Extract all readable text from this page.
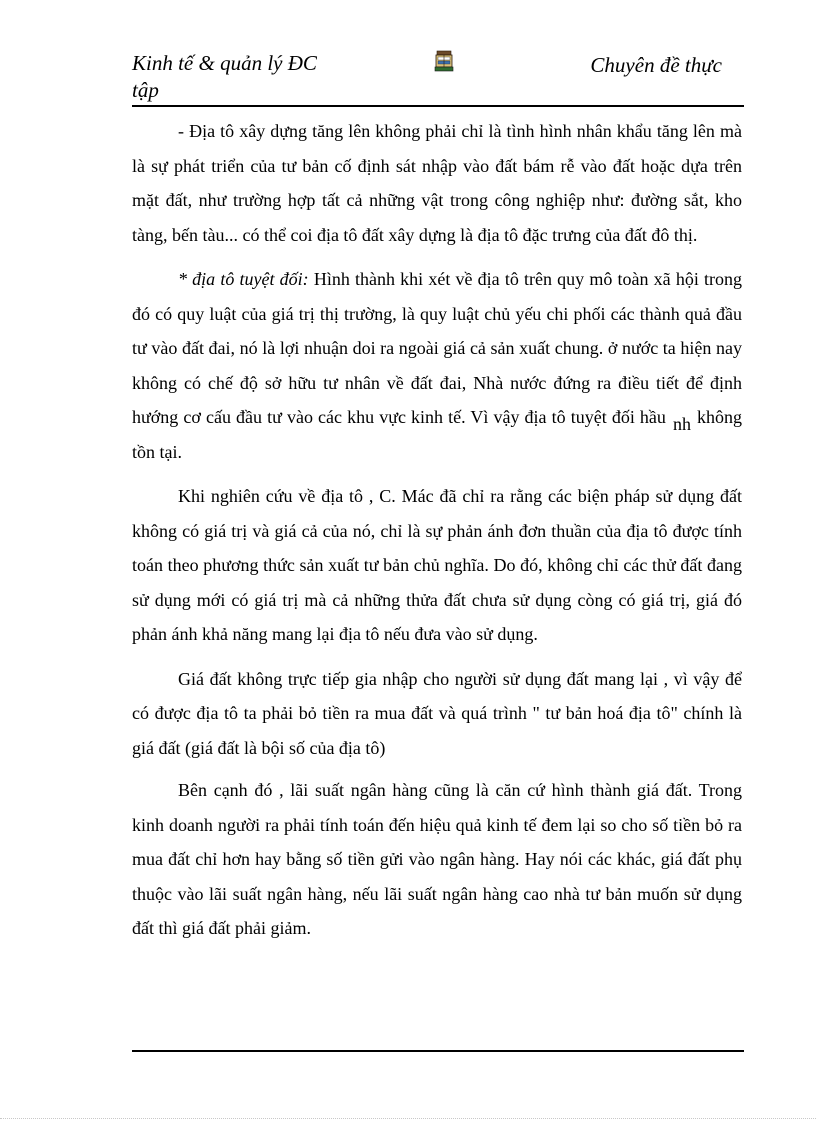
Kinh tế & quản lý ĐC
tập
Chuyên đề thực

- Địa tô xây dựng tăng lên không phải chỉ là tình hình nhân khẩu tăng lên mà là sự phát triển của tư bản cố định sát nhập vào đất bám rễ vào đất hoặc dựa trên mặt đất, như trường hợp tất cả những vật trong công nghiệp như: đường sắt, kho tàng, bến tàu... có thể coi địa tô đất xây dựng là địa tô đặc trưng của đất đô thị.

* địa tô tuyệt đối: Hình thành khi xét về địa tô trên quy mô toàn xã hội trong đó có quy luật của giá trị thị trường, là quy luật chủ yếu chi phối các thành quả đầu tư vào đất đai, nó là lợi nhuận doi ra ngoài giá cả sản xuất chung. ở nước ta hiện nay không có chế độ sở hữu tư nhân về đất đai, Nhà nước đứng ra điều tiết để định hướng cơ cấu đầu tư vào các khu vực kinh tế. Vì vậy địa tô tuyệt đối hầu nh không tồn tại.

Khi nghiên cứu về địa tô , C. Mác đã chỉ ra rằng các biện pháp sử dụng đất không có giá trị và giá cả của nó, chỉ là sự phản ánh đơn thuần của địa tô được tính toán theo phương thức sản xuất tư bản chủ nghĩa. Do đó, không chỉ các thử đất đang sử dụng mới có giá trị mà cả những thửa đất chưa sử dụng còng có giá trị, giá đó phản ánh khả năng mang lại địa tô nếu đưa vào sử dụng.

Giá đất không trực tiếp gia nhập cho người sử dụng đất mang lại , vì vậy để có được địa tô ta phải bỏ tiền ra mua đất và quá trình " tư bản hoá địa tô" chính là giá đất (giá đất là bội số của địa tô)

Bên cạnh đó , lãi suất ngân hàng cũng là căn cứ hình thành giá đất. Trong kinh doanh người ra phải tính toán đến hiệu quả kinh tế đem lại so cho số tiền bỏ ra mua đất chỉ hơn hay bằng số tiền gửi vào ngân hàng. Hay nói các khác, giá đất phụ thuộc vào lãi suất ngân hàng, nếu lãi suất ngân hàng cao nhà tư bản muốn sử dụng đất thì giá đất phải giảm.
